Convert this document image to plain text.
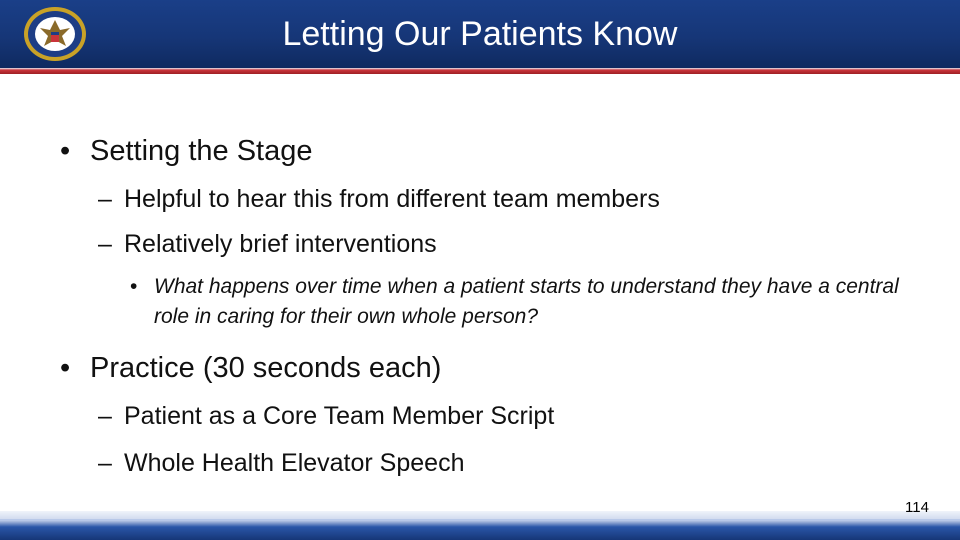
Letting Our Patients Know
• Setting the Stage
– Helpful to hear this from different team members
– Relatively brief interventions
• What happens over time when a patient starts to understand they have a central role in caring for their own whole person?
• Practice (30 seconds each)
– Patient as a Core Team Member Script
– Whole Health Elevator Speech
114
